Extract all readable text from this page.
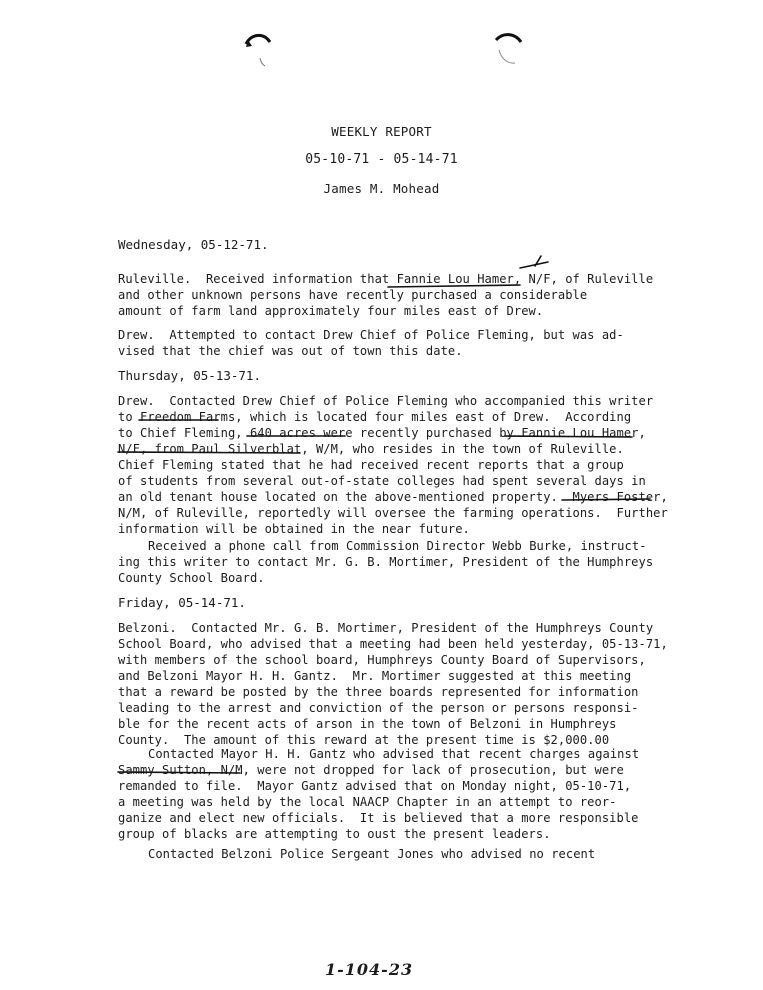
WEEKLY REPORT
05-10-71 - 05-14-71
James M. Mohead
Wednesday, 05-12-71.
Ruleville.  Received information that Fannie Lou Hamer, N/F, of Ruleville
and other unknown persons have recently purchased a considerable
amount of farm land approximately four miles east of Drew.
Drew.  Attempted to contact Drew Chief of Police Fleming, but was ad-
vised that the chief was out of town this date.
Thursday, 05-13-71.
Drew.  Contacted Drew Chief of Police Fleming who accompanied this writer
to Freedom Farms, which is located four miles east of Drew.  According
to Chief Fleming, 640 acres were recently purchased by Fannie Lou Hamer,
N/F, from Paul Silverblat, W/M, who resides in the town of Ruleville.
Chief Fleming stated that he had received recent reports that a group
of students from several out-of-state colleges had spent several days in
an old tenant house located on the above-mentioned property.  Myers Foster,
N/M, of Ruleville, reportedly will oversee the farming operations.  Further
information will be obtained in the near future.
Received a phone call from Commission Director Webb Burke, instruct-
ing this writer to contact Mr. G. B. Mortimer, President of the Humphreys
County School Board.
Friday, 05-14-71.
Belzoni.  Contacted Mr. G. B. Mortimer, President of the Humphreys County
School Board, who advised that a meeting had been held yesterday, 05-13-71,
with members of the school board, Humphreys County Board of Supervisors,
and Belzoni Mayor H. H. Gantz.  Mr. Mortimer suggested at this meeting
that a reward be posted by the three boards represented for information
leading to the arrest and conviction of the person or persons responsi-
ble for the recent acts of arson in the town of Belzoni in Humphreys
County.  The amount of this reward at the present time is $2,000.00
Contacted Mayor H. H. Gantz who advised that recent charges against
Sammy Sutton, N/M, were not dropped for lack of prosecution, but were
remanded to file.  Mayor Gantz advised that on Monday night, 05-10-71,
a meeting was held by the local NAACP Chapter in an attempt to reor-
ganize and elect new officials.  It is believed that a more responsible
group of blacks are attempting to oust the present leaders.
Contacted Belzoni Police Sergeant Jones who advised no recent
1-104-23
